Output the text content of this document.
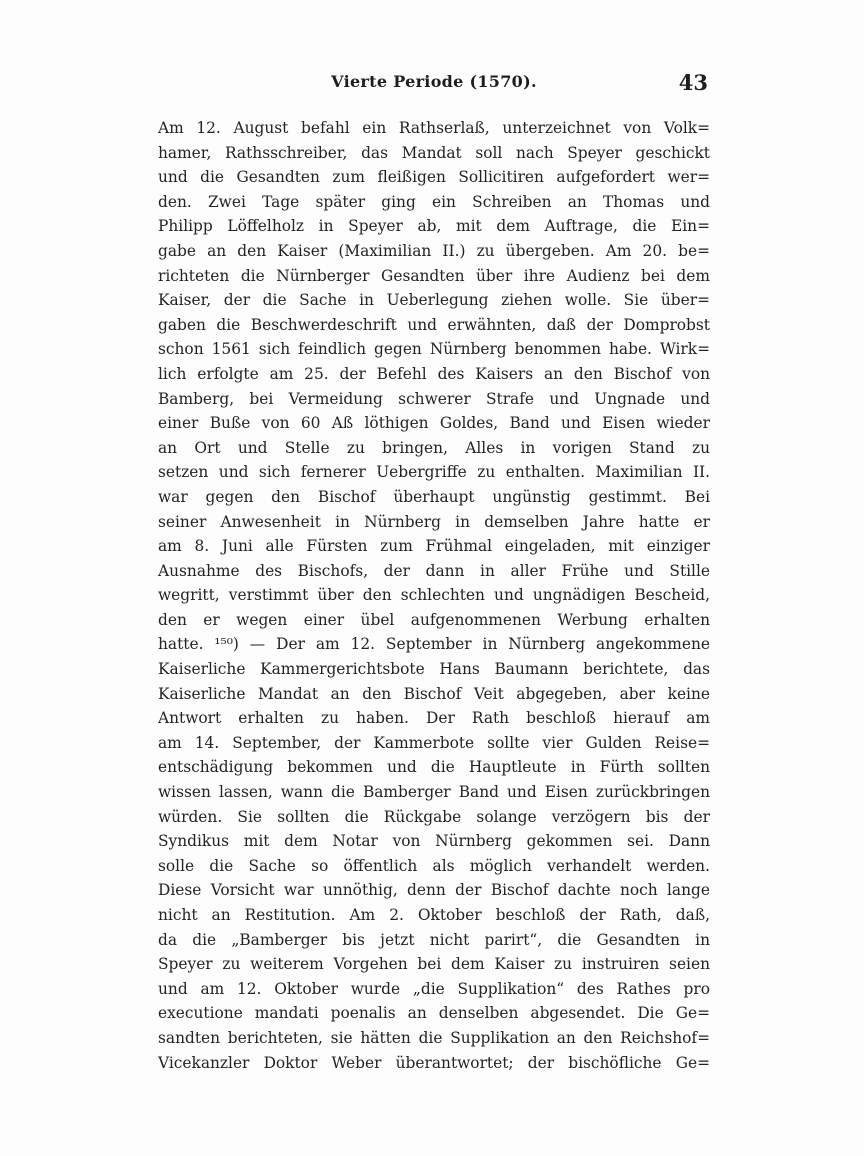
Vierte Periode (1570).	43
Am 12. August befahl ein Rathserlaß, unterzeichnet von Volk=
hamer, Rathsschreiber, das Mandat soll nach Speyer geschickt
und die Gesandten zum fleißigen Sollicitiren aufgefordert wer=
den. Zwei Tage später ging ein Schreiben an Thomas und
Philipp Löffelholz in Speyer ab, mit dem Auftrage, die Ein=
gabe an den Kaiser (Maximilian II.) zu übergeben. Am 20. be=
richteten die Nürnberger Gesandten über ihre Audienz bei dem
Kaiser, der die Sache in Ueberlegung ziehen wolle. Sie über=
gaben die Beschwerdeschrift und erwähnten, daß der Domprobst
schon 1561 sich feindlich gegen Nürnberg benommen habe. Wirk=
lich erfolgte am 25. der Befehl des Kaisers an den Bischof von
Bamberg, bei Vermeidung schwerer Strafe und Ungnade und
einer Buße von 60 Aß löthigen Goldes, Band und Eisen wieder
an Ort und Stelle zu bringen, Alles in vorigen Stand zu
setzen und sich fernerer Uebergriffe zu enthalten. Maximilian II.
war gegen den Bischof überhaupt ungünstig gestimmt. Bei
seiner Anwesenheit in Nürnberg in demselben Jahre hatte er
am 8. Juni alle Fürsten zum Frühmal eingeladen, mit einziger
Ausnahme des Bischofs, der dann in aller Frühe und Stille
wegritt, verstimmt über den schlechten und ungnädigen Bescheid,
den er wegen einer übel aufgenommenen Werbung erhalten
hatte. ¹⁵⁰) — Der am 12. September in Nürnberg angekommene
Kaiserliche Kammergerichtsbote Hans Baumann berichtete, das
Kaiserliche Mandat an den Bischof Veit abgegeben, aber keine
Antwort erhalten zu haben. Der Rath beschloß hierauf am
am 14. September, der Kammerbote sollte vier Gulden Reise=
entschädigung bekommen und die Hauptleute in Fürth sollten
wissen lassen, wann die Bamberger Band und Eisen zurückbringen
würden. Sie sollten die Rückgabe solange verzögern bis der
Syndikus mit dem Notar von Nürnberg gekommen sei. Dann
solle die Sache so öffentlich als möglich verhandelt werden.
Diese Vorsicht war unnöthig, denn der Bischof dachte noch lange
nicht an Restitution. Am 2. Oktober beschloß der Rath, daß,
da die „Bamberger bis jetzt nicht parirt“, die Gesandten in
Speyer zu weiterem Vorgehen bei dem Kaiser zu instruiren seien
und am 12. Oktober wurde „die Supplikation“ des Rathes pro
executione mandati poenalis an denselben abgesendet. Die Ge=
sandten berichteten, sie hätten die Supplikation an den Reichshof=
Vicekanzler Doktor Weber überantwortet; der bischöfliche Ge=
